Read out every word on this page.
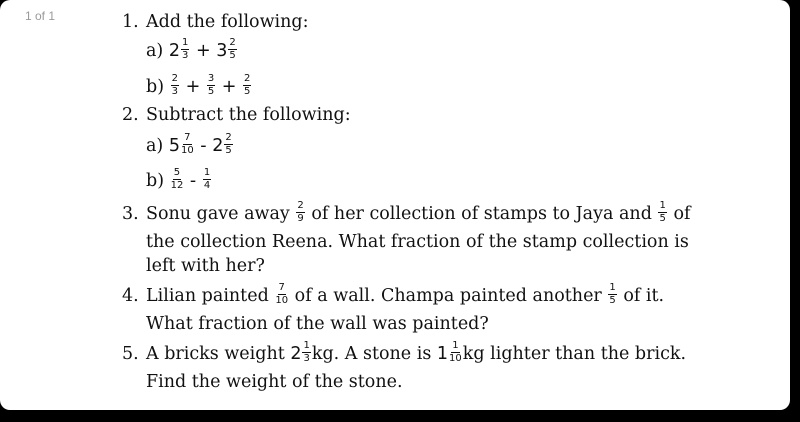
1 of 1	1. Add the following:
a) $2 \frac{1}{3} + 3 \frac{2}{5}$
$b) \frac{2}{3} + \frac{3}{5} + \frac{2}{5}$
2. Subtract the following:
a) $5 \frac{7}{10} - 2 \frac{2}{5}$
$b) \frac{5}{12} - \frac{1}{4}$
3. Sonu gave away $\frac{2}{9}$ of her collection of stamps to Jaya and $\frac{1}{5}$ of
the collection Reena. What fraction of the stamp collection is
left with her?
4. Lilian painted $\frac{7}{10}$ of a wall. Champa painted another $\frac{1}{5}$ of it.
What fraction of the wall was painted?
5. A bricks weight $2 \frac{1}{3}$ kg. A stone is $1 \frac{1}{10}$ kg lighter than the brick.
Find the weight of the stone.
